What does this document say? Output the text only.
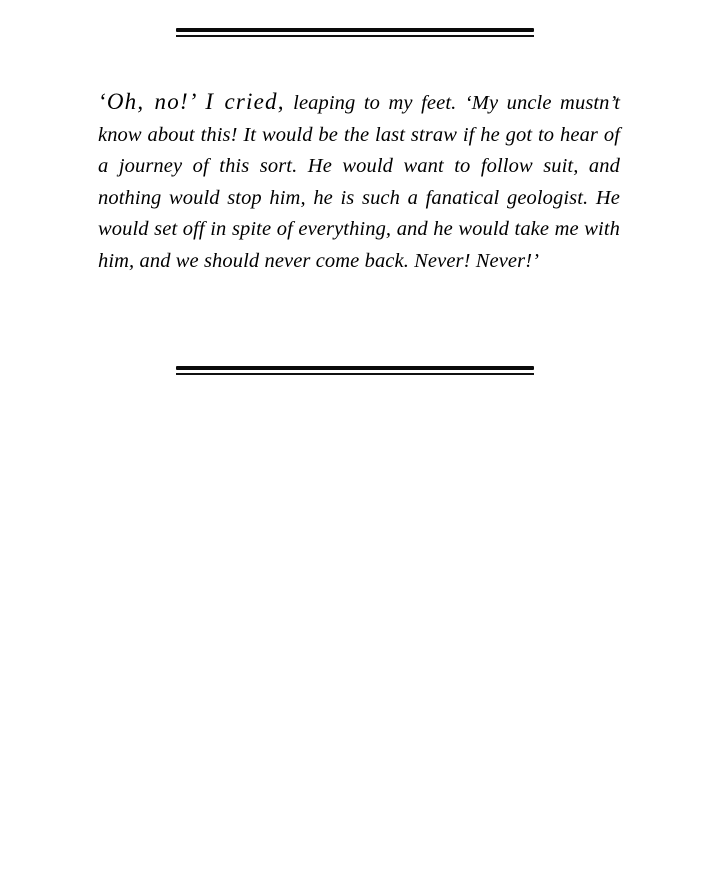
‘Oh, no!’ I cried, leaping to my feet. ‘My uncle mustn’t know about this! It would be the last straw if he got to hear of a journey of this sort. He would want to follow suit, and nothing would stop him, he is such a fanatical geologist. He would set off in spite of everything, and he would take me with him, and we should never come back. Never! Never!’
